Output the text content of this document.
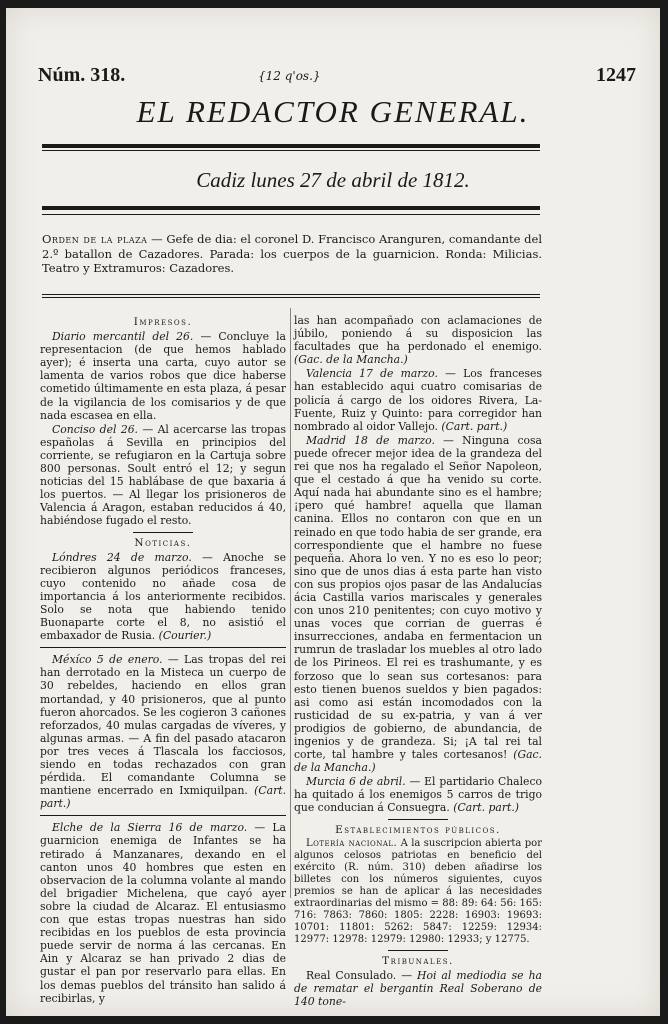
Núm. 318.	{12 q'os.}	1247
EL REDACTOR GENERAL.
Cadiz lunes 27 de abril de 1812.
Orden de la plaza — Gefe de dia: el coronel D. Francisco Aranguren, comandante del 2.º batallon de Cazadores. Parada: los cuerpos de la guarnicion. Ronda: Milicias. Teatro y Extramuros: Cazadores.
Impresos.

Diario mercantil del 26. — Concluye la representacion (de que hemos hablado ayer); é inserta una carta, cuyo autor se lamenta de varios robos que dice haberse cometido últimamente en esta plaza, á pesar de la vigilancia de los comisarios y de que nada escasea en ella.

Conciso del 26. — Al acercarse las tropas españolas á Sevilla en principios del corriente, se refugiaron en la Cartuja sobre 800 personas. Soult entró el 12; y segun noticias del 15 hablábase de que baxaria á los puertos. — Al llegar los prisioneros de Valencia á Aragon, estaban reducidos á 40, habiéndose fugado el resto.

Noticias.

Lóndres 24 de marzo. — Anoche se recibieron algunos periódicos franceses, cuyo contenido no añade cosa de importancia á los anteriormente recibidos. Solo se nota que habiendo tenido Buonaparte corte el 8, no asistió el embaxador de Rusia. (Courier.)

Méxíco 5 de enero. — Las tropas del rei han derrotado en la Misteca un cuerpo de 30 rebeldes, haciendo en ellos gran mortandad, y 40 prisioneros, que al punto fueron ahorcados. Se les cogieron 3 cañones reforzados, 40 mulas cargadas de víveres, y algunas armas. — A fin del pasado atacaron por tres veces á Tlascala los facciosos, siendo en todas rechazados con gran pérdida. El comandante Columna se mantiene encerrado en Ixmiquilpan. (Cart. part.)

Elche de la Sierra 16 de marzo. — La guarnicion enemiga de Infantes se ha retirado á Manzanares, dexando en el canton unos 40 hombres que esten en observacion de la columna volante al mando del brigadier Michelena, que cayó ayer sobre la ciudad de Alcaraz. El entusiasmo con que estas tropas nuestras han sido recibidas en los pueblos de esta provincia puede servir de norma á las cercanas. En Ain y Alcaraz se han privado 2 dias de gustar el pan por reservarlo para ellas. En los demas pueblos del tránsito han salido á recibirlas, y

las han acompañado con aclamaciones de júbilo, poniendo á su disposicion las facultades que ha perdonado el enemigo. (Gac. de la Mancha.)

Valencia 17 de marzo. — Los franceses han establecido aqui cuatro comisarias de policía á cargo de los oidores Rivera, La-Fuente, Ruiz y Quinto: para corregidor han nombrado al oidor Vallejo. (Cart. part.)

Madrid 18 de marzo. — Ninguna cosa puede ofrecer mejor idea de la grandeza del rei que nos ha regalado el Señor Napoleon, que el cestado á que ha venido su corte. Aquí nada hai abundante sino es el hambre; ¡pero qué hambre! aquella que llaman canina. Ellos no contaron con que en un reinado en que todo habia de ser grande, era correspondiente que el hambre no fuese pequeña. Ahora lo ven. Y no es eso lo peor; sino que de unos dias á esta parte han visto con sus propios ojos pasar de las Andalucías ácia Castilla varios mariscales y generales con unos 210 penitentes; con cuyo motivo y unas voces que corrian de guerras é insurrecciones, andaba en fermentacion un rumrun de trasladar los muebles al otro lado de los Pirineos. El rei es trashumante, y es forzoso que lo sean sus cortesanos: para esto tienen buenos sueldos y bien pagados: asi como asi están incomodados con la rusticidad de su ex-patria, y van á ver prodigios de gobierno, de abundancia, de ingenios y de grandeza. Si; ¡A tal rei tal corte, tal hambre y tales cortesanos! (Gac. de la Mancha.)

Murcia 6 de abril. — El partidario Chaleco ha quitado á los enemigos 5 carros de trigo que conducian á Consuegra. (Cart. part.)

Establecimientos públicos.

Lotería nacional. A la suscripcion abierta por algunos celosos patriotas en beneficio del exército (R. núm. 310) deben añadirse los billetes con los números siguientes, cuyos premios se han de aplicar á las necesidades extraordinarias del mismo = 88: 89: 64: 56: 165: 716: 7863: 7860: 1805: 2228: 16903: 19693: 10701: 11801: 5262: 5847: 12259: 12934: 12977: 12978: 12979: 12980: 12933; y 12775.

Tribunales.

Real Consulado. — Hoi al mediodia se ha de rematar el bergantin Real Soberano de 140 tone-
